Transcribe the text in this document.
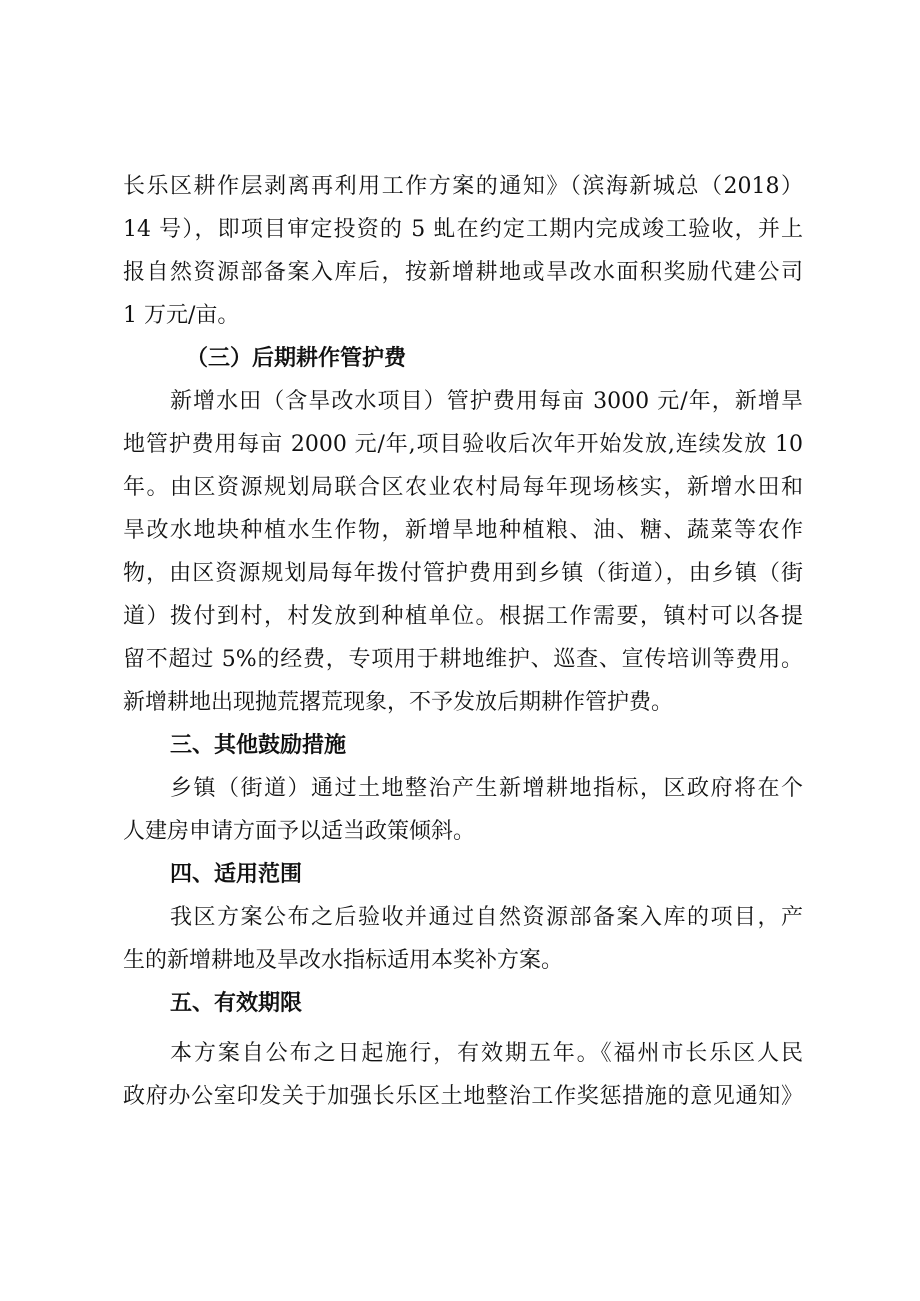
长乐区耕作层剥离再利用工作方案的通知》（滨海新城总（2018）
14 号），即项目审定投资的 5 虬在约定工期内完成竣工验收，并上
报自然资源部备案入库后，按新增耕地或旱改水面积奖励代建公司
1 万元/亩。
（三）后期耕作管护费
新增水田（含旱改水项目）管护费用每亩 3000 元/年，新增旱
地管护费用每亩 2000 元/年,项目验收后次年开始发放,连续发放 10
年。由区资源规划局联合区农业农村局每年现场核实，新增水田和
旱改水地块种植水生作物，新增旱地种植粮、油、糖、蔬菜等农作
物，由区资源规划局每年拨付管护费用到乡镇（街道），由乡镇（街
道）拨付到村，村发放到种植单位。根据工作需要，镇村可以各提
留不超过 5%的经费，专项用于耕地维护、巡查、宣传培训等费用。
新增耕地出现抛荒撂荒现象，不予发放后期耕作管护费。
三、其他鼓励措施
乡镇（街道）通过土地整治产生新增耕地指标，区政府将在个
人建房申请方面予以适当政策倾斜。
四、适用范围
我区方案公布之后验收并通过自然资源部备案入库的项目，产
生的新增耕地及旱改水指标适用本奖补方案。
五、有效期限
本方案自公布之日起施行，有效期五年。《福州市长乐区人民
政府办公室印发关于加强长乐区土地整治工作奖惩措施的意见通知》
